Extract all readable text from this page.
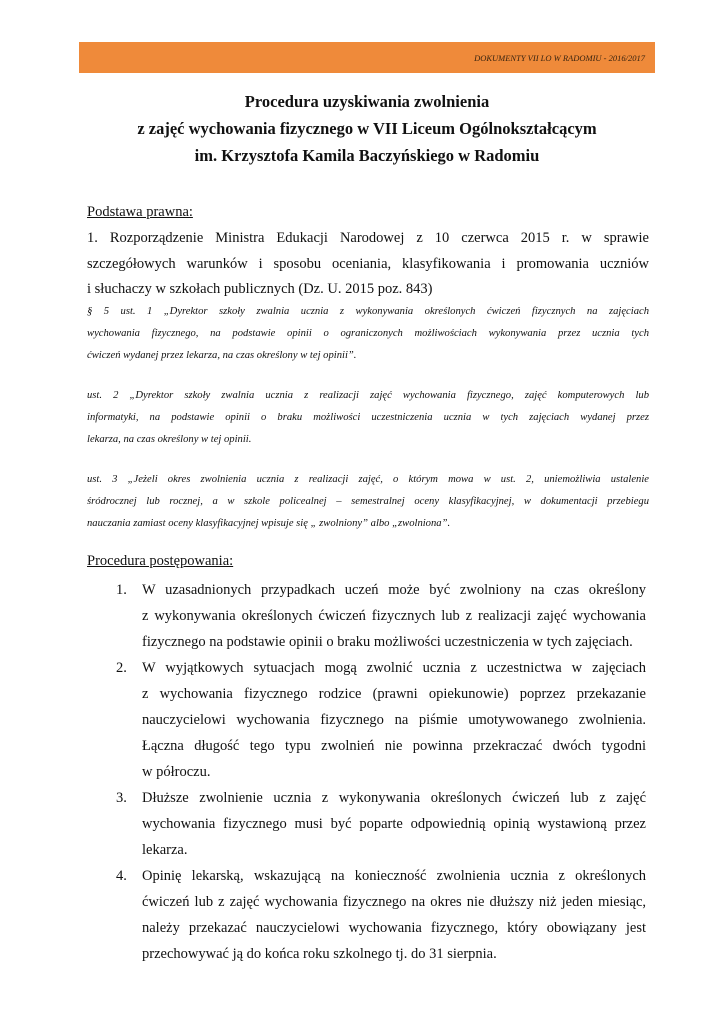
DOKUMENTY VII LO W RADOMIU - 2016/2017
Procedura uzyskiwania zwolnienia
z zajęć wychowania fizycznego w VII Liceum Ogólnokształcącym
im. Krzysztofa Kamila Baczyńskiego w Radomiu
Podstawa prawna:
1. Rozporządzenie Ministra Edukacji Narodowej z 10 czerwca 2015 r. w sprawie
szczegółowych warunków i sposobu oceniania, klasyfikowania i promowania uczniów
i słuchaczy w szkołach publicznych (Dz. U. 2015 poz. 843)
§ 5 ust. 1 „Dyrektor szkoły zwalnia ucznia z wykonywania określonych ćwiczeń fizycznych na zajęciach
wychowania fizycznego, na podstawie opinii o ograniczonych możliwościach wykonywania przez ucznia tych
ćwiczeń wydanej przez lekarza, na czas określony w tej opinii”.
ust. 2 „Dyrektor szkoły zwalnia ucznia z realizacji zajęć wychowania fizycznego, zajęć komputerowych lub
informatyki, na podstawie opinii o braku możliwości uczestniczenia ucznia w tych zajęciach wydanej przez
lekarza, na czas określony w tej opinii.
ust. 3 „Jeżeli okres zwolnienia ucznia z realizacji zajęć, o którym mowa w ust. 2, uniemożliwia ustalenie
śródrocznej lub rocznej, a w szkole policealnej – semestralnej oceny klasyfikacyjnej, w dokumentacji przebiegu
nauczania zamiast oceny klasyfikacyjnej wpisuje się „ zwolniony” albo „zwolniona”.
Procedura postępowania:
1. W uzasadnionych przypadkach uczeń może być zwolniony na czas określony
z wykonywania określonych ćwiczeń fizycznych lub z realizacji zajęć wychowania
fizycznego na podstawie opinii o braku możliwości uczestniczenia w tych zajęciach.
2. W wyjątkowych sytuacjach mogą zwolnić ucznia z uczestnictwa w zajęciach
z wychowania fizycznego rodzice (prawni opiekunowie) poprzez przekazanie
nauczycielowi wychowania fizycznego na piśmie umotywowanego zwolnienia.
Łączna długość tego typu zwolnień nie powinna przekraczać dwóch tygodni
w półroczu.
3. Dłuższe zwolnienie ucznia z wykonywania określonych ćwiczeń lub z zajęć
wychowania fizycznego musi być poparte odpowiednią opinią wystawioną przez
lekarza.
4. Opinię lekarską, wskazującą na konieczność zwolnienia ucznia z określonych
ćwiczeń lub z zajęć wychowania fizycznego na okres nie dłuższy niż jeden miesiąc,
należy przekazać nauczycielowi wychowania fizycznego, który obowiązany jest
przechowywać ją do końca roku szkolnego tj. do 31 sierpnia.
